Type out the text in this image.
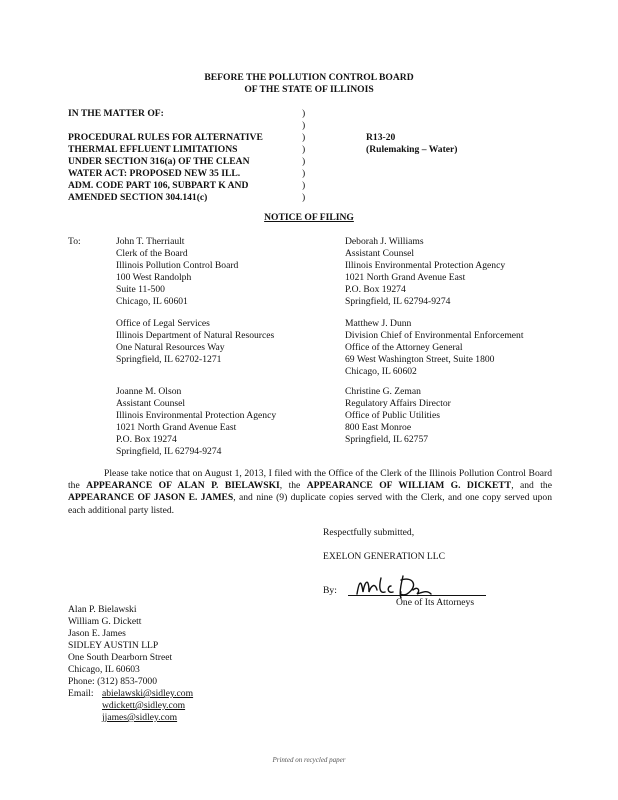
BEFORE THE POLLUTION CONTROL BOARD
OF THE STATE OF ILLINOIS
IN THE MATTER OF:
PROCEDURAL RULES FOR ALTERNATIVE
THERMAL EFFLUENT LIMITATIONS
UNDER SECTION 316(a) OF THE CLEAN
WATER ACT: PROPOSED NEW 35 ILL.
ADM. CODE PART 106, SUBPART K AND
AMENDED SECTION 304.141(c)
)
)
)
)
)
)
)
)
R13-20
(Rulemaking – Water)
NOTICE OF FILING
To:	John T. Therriault
Clerk of the Board
Illinois Pollution Control Board
100 West Randolph
Suite 11-500
Chicago, IL 60601
Deborah J. Williams
Assistant Counsel
Illinois Environmental Protection Agency
1021 North Grand Avenue East
P.O. Box 19274
Springfield, IL 62794-9274
Office of Legal Services
Illinois Department of Natural Resources
One Natural Resources Way
Springfield, IL 62702-1271
Matthew J. Dunn
Division Chief of Environmental Enforcement
Office of the Attorney General
69 West Washington Street, Suite 1800
Chicago, IL 60602
Joanne M. Olson
Assistant Counsel
Illinois Environmental Protection Agency
1021 North Grand Avenue East
P.O. Box 19274
Springfield, IL 62794-9274
Christine G. Zeman
Regulatory Affairs Director
Office of Public Utilities
800 East Monroe
Springfield, IL 62757
Please take notice that on August 1, 2013, I filed with the Office of the Clerk of the Illinois Pollution Control Board the APPEARANCE OF ALAN P. BIELAWSKI, the APPEARANCE OF WILLIAM G. DICKETT, and the APPEARANCE OF JASON E. JAMES, and nine (9) duplicate copies served with the Clerk, and one copy served upon each additional party listed.
Respectfully submitted,
EXELON GENERATION LLC
By:
One of Its Attorneys
Alan P. Bielawski
William G. Dickett
Jason E. James
SIDLEY AUSTIN LLP
One South Dearborn Street
Chicago, IL 60603
Phone: (312) 853-7000
Email: abielawski@sidley.com
wdickett@sidley.com
jjames@sidley.com
Printed on recycled paper
